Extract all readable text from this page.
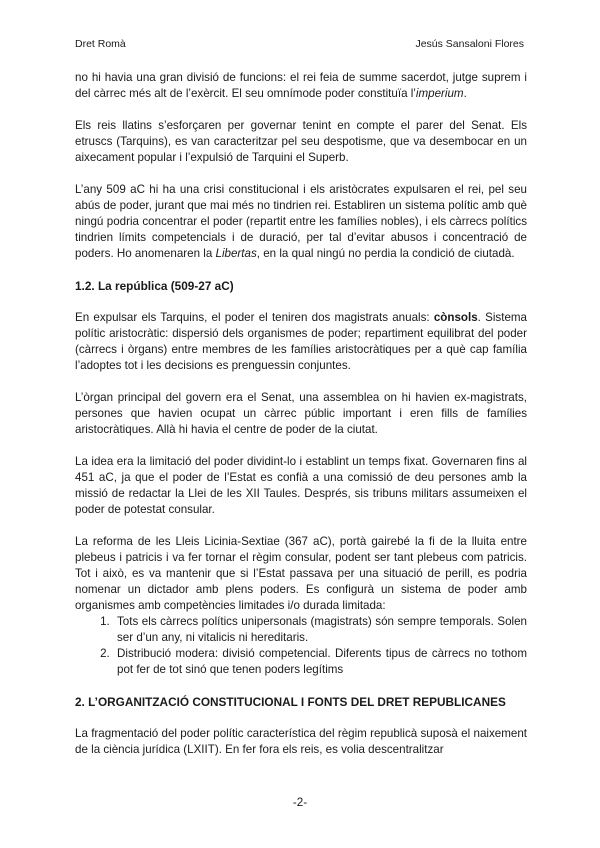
Dret Romà	Jesús Sansaloni Flores

no hi havia una gran divisió de funcions: el rei feia de summe sacerdot, jutge suprem i del càrrec més alt de l’exèrcit. El seu omnímode poder constituïa l’imperium.

Els reis llatins s’esforçaren per governar tenint en compte el parer del Senat. Els etruscs (Tarquins), es van caracteritzar pel seu despotisme, que va desembocar en un aixecament popular i l’expulsió de Tarquini el Superb.

L’any 509 aC hi ha una crisi constitucional i els aristòcrates expulsaren el rei, pel seu abús de poder, jurant que mai més no tindrien rei. Establiren un sistema polític amb què ningú podria concentrar el poder (repartit entre les famílies nobles), i els càrrecs polítics tindrien límits competencials i de duració, per tal d’evitar abusos i concentració de poders. Ho anomenaren la Libertas, en la qual ningú no perdia la condició de ciutadà.

1.2. La república (509-27 aC)

En expulsar els Tarquins, el poder el teniren dos magistrats anuals: cònsols. Sistema polític aristocràtic: dispersió dels organismes de poder; repartiment equilibrat del poder (càrrecs i òrgans) entre membres de les famílies aristocràtiques per a què cap família l’adoptes tot i les decisions es prenguessin conjuntes.

L’òrgan principal del govern era el Senat, una assemblea on hi havien ex-magistrats, persones que havien ocupat un càrrec públic important i eren fills de famílies aristocràtiques. Allà hi havia el centre de poder de la ciutat.

La idea era la limitació del poder dividint-lo i establint un temps fixat. Governaren fins al 451 aC, ja que el poder de l’Estat es confià a una comissió de deu persones amb la missió de redactar la Llei de les XII Taules. Després, sis tribuns militars assumeixen el poder de potestat consular.

La reforma de les Lleis Licinia-Sextiae (367 aC), portà gairebé la fi de la lluita entre plebeus i patricis i va fer tornar el règim consular, podent ser tant plebeus com patricis. Tot i això, es va mantenir que si l’Estat passava per una situació de perill, es podria nomenar un dictador amb plens poders. Es configurà un sistema de poder amb organismes amb competències limitades i/o durada limitada:

1. Tots els càrrecs polítics unipersonals (magistrats) són sempre temporals. Solen ser d’un any, ni vitalicis ni hereditaris.
2. Distribució modera: divisió competencial. Diferents tipus de càrrecs no tothom pot fer de tot sinó que tenen poders legítims
2. L’ORGANITZACIÓ CONSTITUCIONAL I FONTS DEL DRET REPUBLICANES

La fragmentació del poder polític característica del règim republicà suposà el naixement de la ciència jurídica (LXIIT). En fer fora els reis, es volia descentralitzar

-2-
